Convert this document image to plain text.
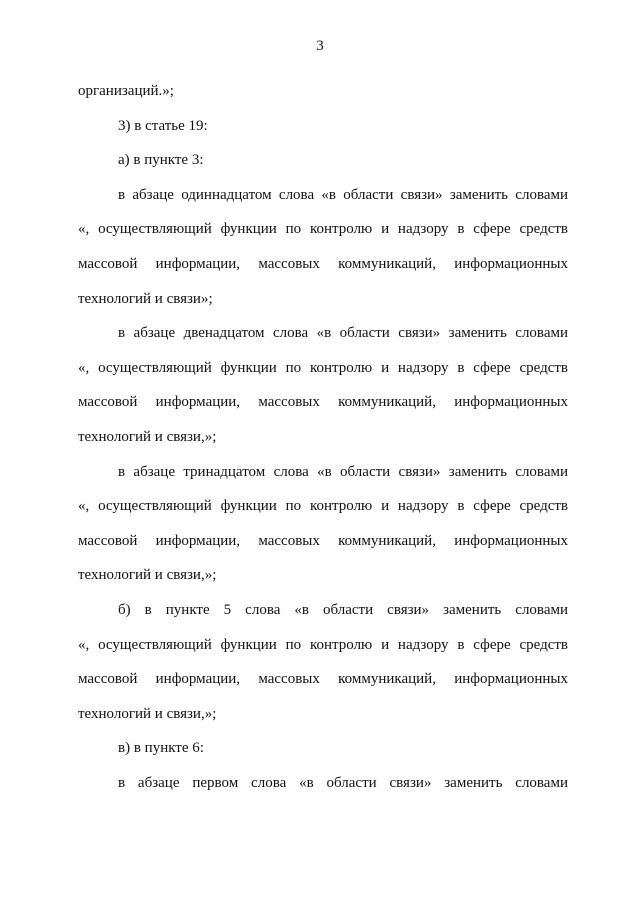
3
организаций.»;
3) в статье 19:
а) в пункте 3:
в абзаце одиннадцатом слова «в области связи» заменить словами
«, осуществляющий функции по контролю и надзору в сфере средств
массовой информации, массовых коммуникаций, информационных
технологий и связи»;
в абзаце двенадцатом слова «в области связи» заменить словами
«, осуществляющий функции по контролю и надзору в сфере средств
массовой информации, массовых коммуникаций, информационных
технологий и связи,»;
в абзаце тринадцатом слова «в области связи» заменить словами
«, осуществляющий функции по контролю и надзору в сфере средств
массовой информации, массовых коммуникаций, информационных
технологий и связи,»;
б) в пункте 5 слова «в области связи» заменить словами
«, осуществляющий функции по контролю и надзору в сфере средств
массовой информации, массовых коммуникаций, информационных
технологий и связи,»;
в) в пункте 6:
в абзаце первом слова «в области связи» заменить словами
